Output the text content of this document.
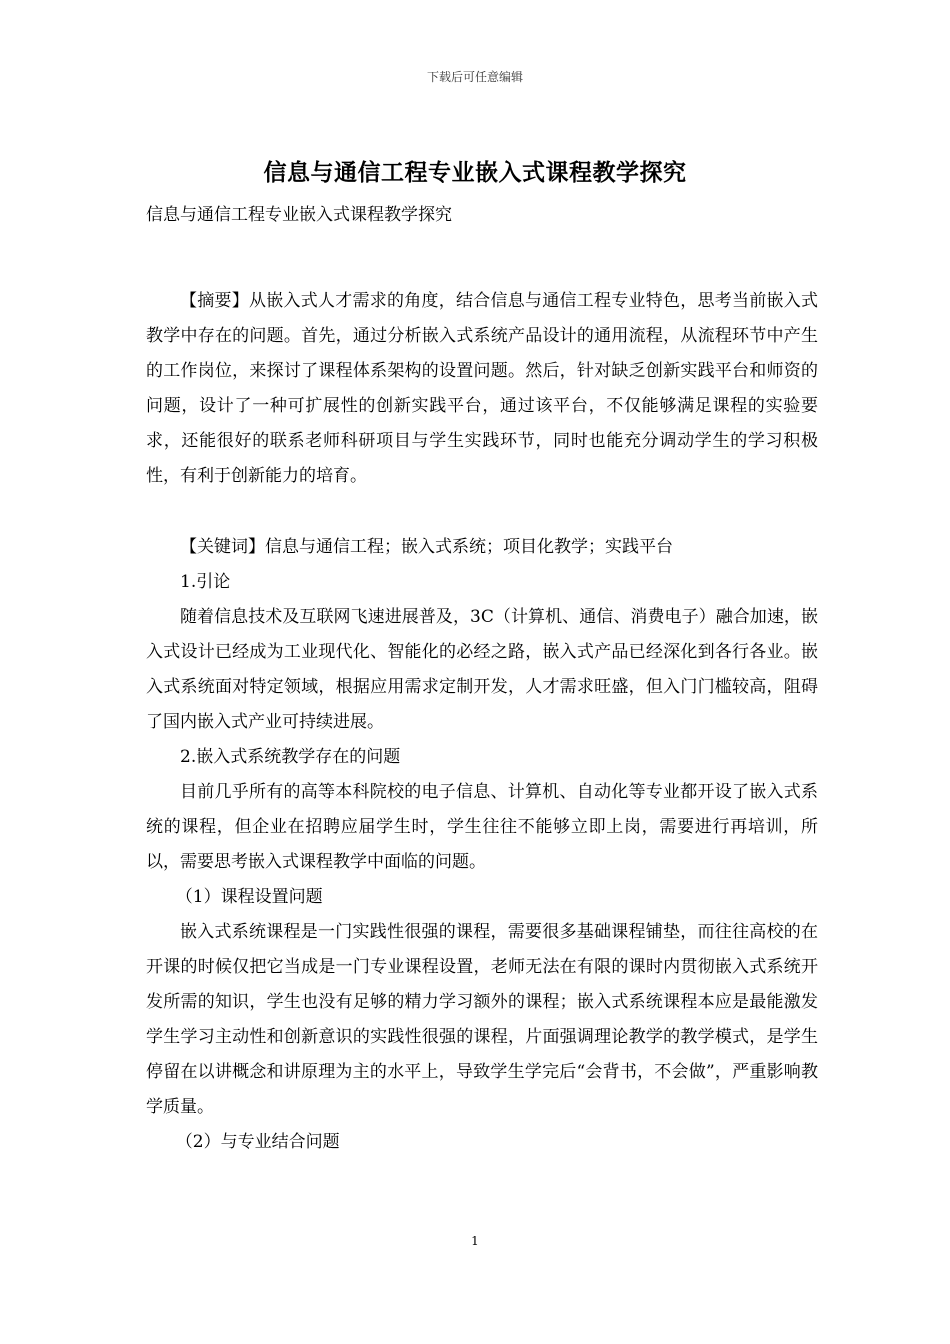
下载后可任意编辑
信息与通信工程专业嵌入式课程教学探究

信息与通信工程专业嵌入式课程教学探究

【摘要】从嵌入式人才需求的角度，结合信息与通信工程专业特色，思考当前嵌入式教学中存在的问题。首先，通过分析嵌入式系统产品设计的通用流程，从流程环节中产生的工作岗位，来探讨了课程体系架构的设置问题。然后，针对缺乏创新实践平台和师资的问题，设计了一种可扩展性的创新实践平台，通过该平台，不仅能够满足课程的实验要求，还能很好的联系老师科研项目与学生实践环节，同时也能充分调动学生的学习积极性，有利于创新能力的培育。

【关键词】信息与通信工程；嵌入式系统；项目化教学；实践平台

1.引论

随着信息技术及互联网飞速进展普及，3C（计算机、通信、消费电子）融合加速，嵌入式设计已经成为工业现代化、智能化的必经之路，嵌入式产品已经深化到各行各业。嵌入式系统面对特定领域，根据应用需求定制开发，人才需求旺盛，但入门门槛较高，阻碍了国内嵌入式产业可持续进展。

2.嵌入式系统教学存在的问题

目前几乎所有的高等本科院校的电子信息、计算机、自动化等专业都开设了嵌入式系统的课程，但企业在招聘应届学生时，学生往往不能够立即上岗，需要进行再培训，所以，需要思考嵌入式课程教学中面临的问题。

（1）课程设置问题

嵌入式系统课程是一门实践性很强的课程，需要很多基础课程铺垫，而往往高校的在开课的时候仅把它当成是一门专业课程设置，老师无法在有限的课时内贯彻嵌入式系统开发所需的知识，学生也没有足够的精力学习额外的课程；嵌入式系统课程本应是最能激发学生学习主动性和创新意识的实践性很强的课程，片面强调理论教学的教学模式，是学生停留在以讲概念和讲原理为主的水平上，导致学生学完后“会背书，不会做”，严重影响教学质量。

（2）与专业结合问题

1
